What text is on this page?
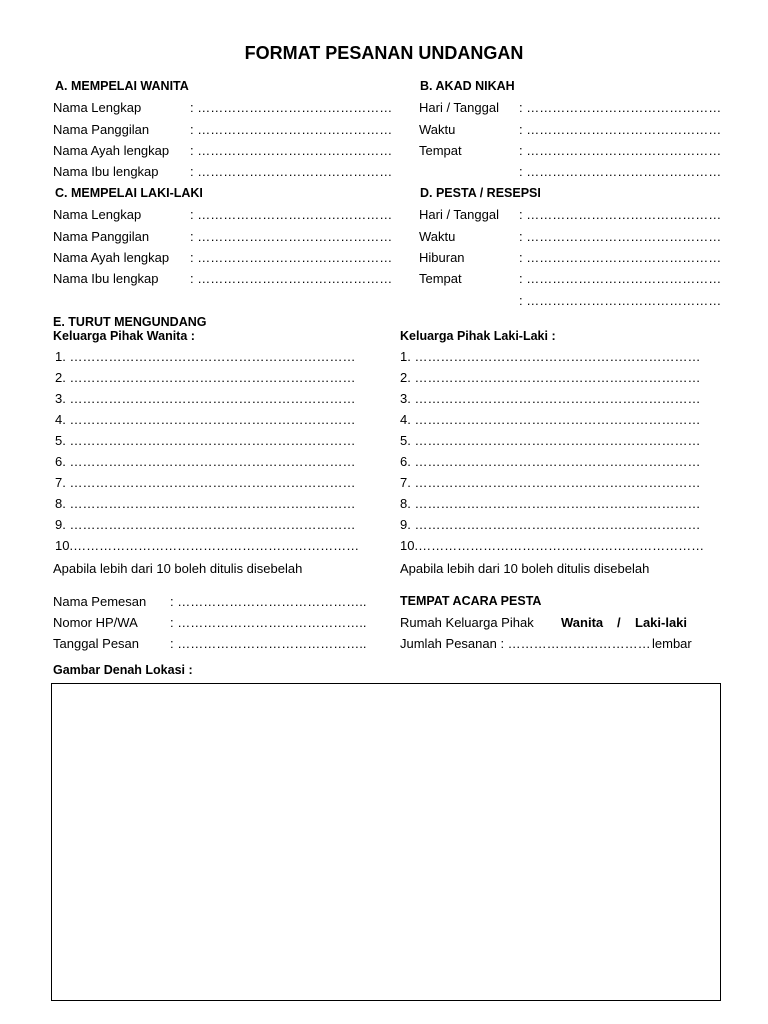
FORMAT PESANAN UNDANGAN
A. MEMPELAI WANITA
Nama Lengkap	: ………………………………………
Nama Panggilan	: ………………………………………
Nama Ayah lengkap : ………………………………………
Nama Ibu lengkap : ………………………………………
B. AKAD NIKAH
Hari / Tanggal : ………………………………………
Waktu	: ………………………………………
Tempat	: ………………………………………
: ………………………………………
C. MEMPELAI LAKI-LAKI
Nama Lengkap	: ………………………………………
Nama Panggilan	: ………………………………………
Nama Ayah lengkap : ………………………………………
Nama Ibu lengkap : ………………………………………
D. PESTA / RESEPSI
Hari / Tanggal : ………………………………………
Waktu	: ………………………………………
Hiburan	: ………………………………………
Tempat	: ………………………………………
: ………………………………………
E. TURUT MENGUNDANG
Keluarga Pihak Wanita :	Keluarga Pihak Laki-Laki :
1. …………………………………………………………
2. …………………………………………………………
3. …………………………………………………………
4. …………………………………………………………
5. …………………………………………………………
6. …………………………………………………………
7. …………………………………………………………
8. …………………………………………………………
9. …………………………………………………………
10.…………………………………………………………
1. …………………………………………………………
2. …………………………………………………………
3. …………………………………………………………
4. …………………………………………………………
5. …………………………………………………………
6. …………………………………………………………
7. …………………………………………………………
8. …………………………………………………………
9. …………………………………………………………
10.…………………………………………………………
Apabila lebih dari 10 boleh ditulis disebelah	Apabila lebih dari 10 boleh ditulis disebelah
Nama Pemesan : ……………………………………..
Nomor HP/WA : ……………………………………..
Tanggal Pesan : ……………………………………..
TEMPAT ACARA PESTA
Rumah Keluarga Pihak Wanita / Laki-laki
Jumlah Pesanan : …………………………… lembar
Gambar Denah Lokasi :
